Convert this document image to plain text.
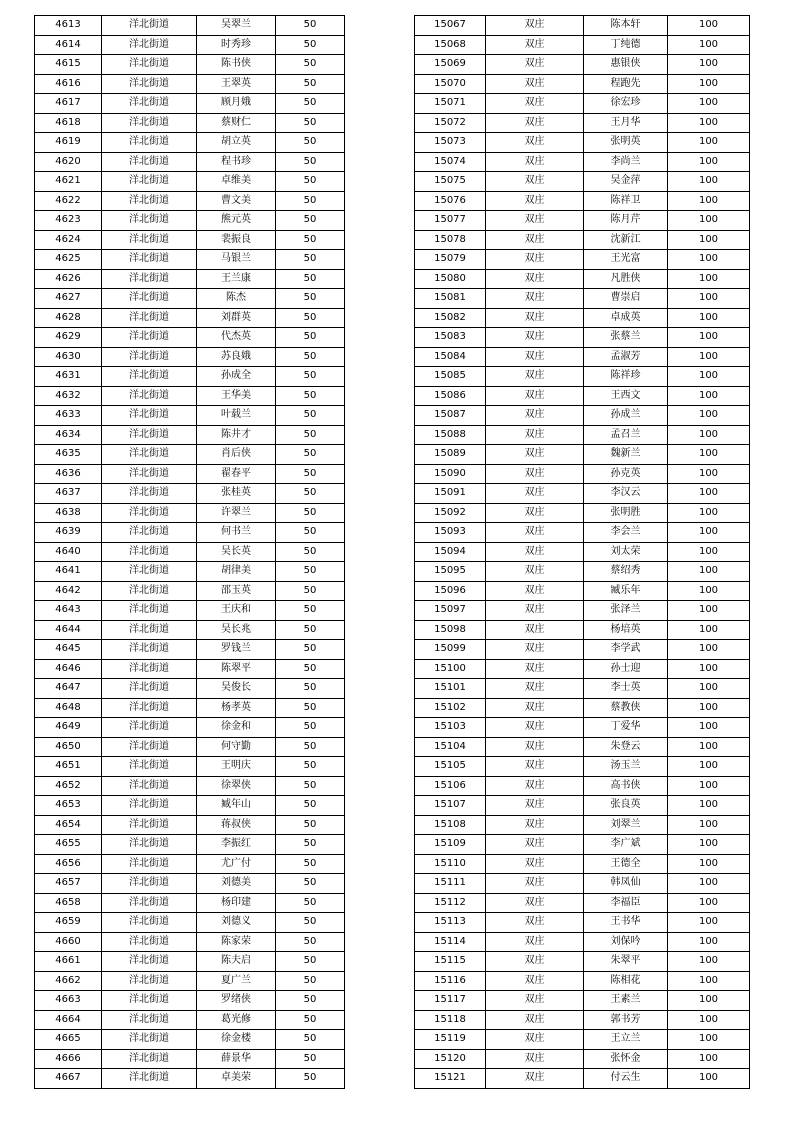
4613	洋北街道	吴翠兰	50
4614	洋北街道	时秀珍	50
4615	洋北街道	陈书侠	50
4616	洋北街道	王翠英	50
4617	洋北街道	顾月娥	50
4618	洋北街道	蔡财仁	50
4619	洋北街道	胡立英	50
4620	洋北街道	程书珍	50
4621	洋北街道	卓维美	50
4622	洋北街道	曹文美	50
4623	洋北街道	熊元英	50
4624	洋北街道	裴振良	50
4625	洋北街道	马银兰	50
4626	洋北街道	王兰康	50
4627	洋北街道	陈杰	50
4628	洋北街道	刘群英	50
4629	洋北街道	代杰英	50
4630	洋北街道	苏良娥	50
4631	洋北街道	孙成全	50
4632	洋北街道	王华美	50
4633	洋北街道	叶载兰	50
4634	洋北街道	陈井才	50
4635	洋北街道	肖后侠	50
4636	洋北街道	翟春平	50
4637	洋北街道	张桂英	50
4638	洋北街道	许翠兰	50
4639	洋北街道	何书兰	50
4640	洋北街道	吴长英	50
4641	洋北街道	胡律美	50
4642	洋北街道	邵玉英	50
4643	洋北街道	王庆和	50
4644	洋北街道	吴长兆	50
4645	洋北街道	罗钱兰	50
4646	洋北街道	陈翠平	50
4647	洋北街道	吴俊长	50
4648	洋北街道	杨孝英	50
4649	洋北街道	徐金和	50
4650	洋北街道	何守勤	50
4651	洋北街道	王明庆	50
4652	洋北街道	徐翠侠	50
4653	洋北街道	臧年山	50
4654	洋北街道	蒋叔侠	50
4655	洋北街道	李振红	50
4656	洋北街道	尤广付	50
4657	洋北街道	刘德美	50
4658	洋北街道	杨印建	50
4659	洋北街道	刘德义	50
4660	洋北街道	陈家荣	50
4661	洋北街道	陈夫启	50
4662	洋北街道	夏广兰	50
4663	洋北街道	罗绪侠	50
4664	洋北街道	葛光修	50
4665	洋北街道	徐金楼	50
4666	洋北街道	薛景华	50
4667	洋北街道	卓美荣	50
15067	双庄	陈本轩	100
15068	双庄	丁纯德	100
15069	双庄	惠银侠	100
15070	双庄	程跑先	100
15071	双庄	徐宏珍	100
15072	双庄	王月华	100
15073	双庄	张明英	100
15074	双庄	李尚兰	100
15075	双庄	吴金萍	100
15076	双庄	陈祥卫	100
15077	双庄	陈月芹	100
15078	双庄	沈新江	100
15079	双庄	王光富	100
15080	双庄	凡胜侠	100
15081	双庄	曹崇启	100
15082	双庄	卓成英	100
15083	双庄	张蔡兰	100
15084	双庄	孟淑芳	100
15085	双庄	陈祥珍	100
15086	双庄	王西文	100
15087	双庄	孙成兰	100
15088	双庄	孟召兰	100
15089	双庄	魏新兰	100
15090	双庄	孙克英	100
15091	双庄	李汉云	100
15092	双庄	张明胜	100
15093	双庄	李会兰	100
15094	双庄	刘太荣	100
15095	双庄	蔡绍秀	100
15096	双庄	臧乐年	100
15097	双庄	张泽兰	100
15098	双庄	杨培英	100
15099	双庄	李学武	100
15100	双庄	孙士迎	100
15101	双庄	李士英	100
15102	双庄	蔡教侠	100
15103	双庄	丁爱华	100
15104	双庄	朱登云	100
15105	双庄	汤玉兰	100
15106	双庄	高书侠	100
15107	双庄	张良英	100
15108	双庄	刘翠兰	100
15109	双庄	李广斌	100
15110	双庄	王德全	100
15111	双庄	韩凤仙	100
15112	双庄	李福臣	100
15113	双庄	王书华	100
15114	双庄	刘保吟	100
15115	双庄	朱翠平	100
15116	双庄	陈相花	100
15117	双庄	王素兰	100
15118	双庄	郭书芳	100
15119	双庄	王立兰	100
15120	双庄	张怀金	100
15121	双庄	付云生	100
